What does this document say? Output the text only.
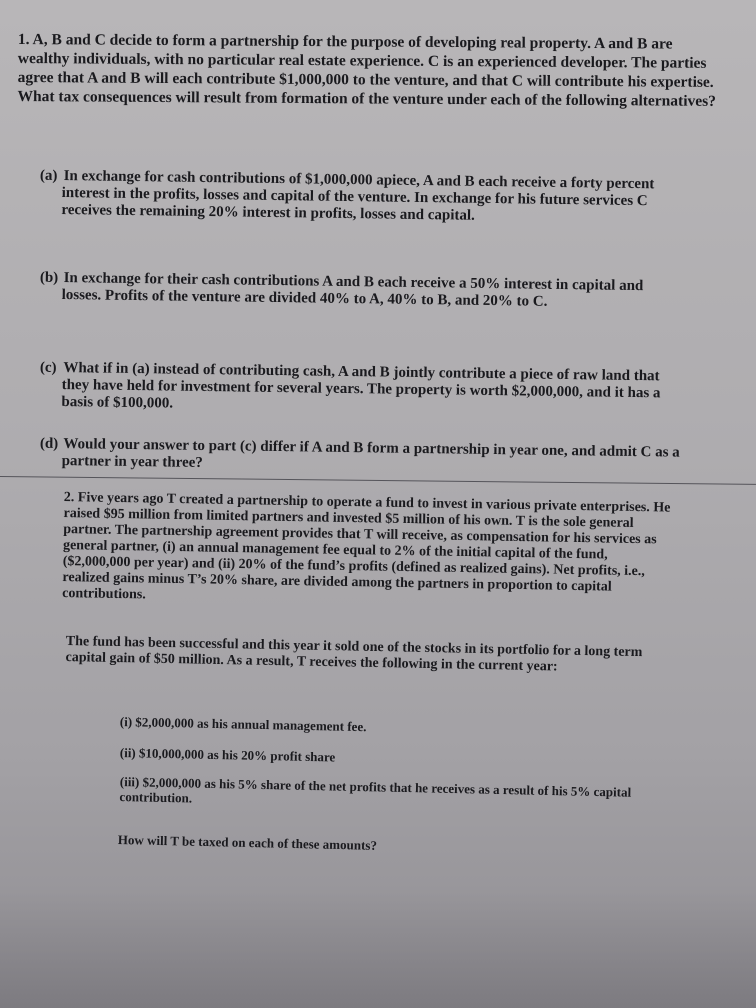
1. A, B and C decide to form a partnership for the purpose of developing real property. A and B are wealthy individuals, with no particular real estate experience. C is an experienced developer. The parties agree that A and B will each contribute $1,000,000 to the venture, and that C will contribute his expertise. What tax consequences will result from formation of the venture under each of the following alternatives?

(a) In exchange for cash contributions of $1,000,000 apiece, A and B each receive a forty percent interest in the profits, losses and capital of the venture. In exchange for his future services C receives the remaining 20% interest in profits, losses and capital.
(b) In exchange for their cash contributions A and B each receive a 50% interest in capital and losses. Profits of the venture are divided 40% to A, 40% to B, and 20% to C.
(c) What if in (a) instead of contributing cash, A and B jointly contribute a piece of raw land that they have held for investment for several years. The property is worth $2,000,000, and it has a basis of $100,000.
(d) Would your answer to part (c) differ if A and B form a partnership in year one, and admit C as a partner in year three?

2. Five years ago T created a partnership to operate a fund to invest in various private enterprises. He raised $95 million from limited partners and invested $5 million of his own. T is the sole general partner. The partnership agreement provides that T will receive, as compensation for his services as general partner, (i) an annual management fee equal to 2% of the initial capital of the fund, ($2,000,000 per year) and (ii) 20% of the fund’s profits (defined as realized gains). Net profits, i.e., realized gains minus T’s 20% share, are divided among the partners in proportion to capital contributions.

The fund has been successful and this year it sold one of the stocks in its portfolio for a long term capital gain of $50 million. As a result, T receives the following in the current year:

(i) $2,000,000 as his annual management fee.
(ii) $10,000,000 as his 20% profit share
(iii) $2,000,000 as his 5% share of the net profits that he receives as a result of his 5% capital contribution.

How will T be taxed on each of these amounts?
